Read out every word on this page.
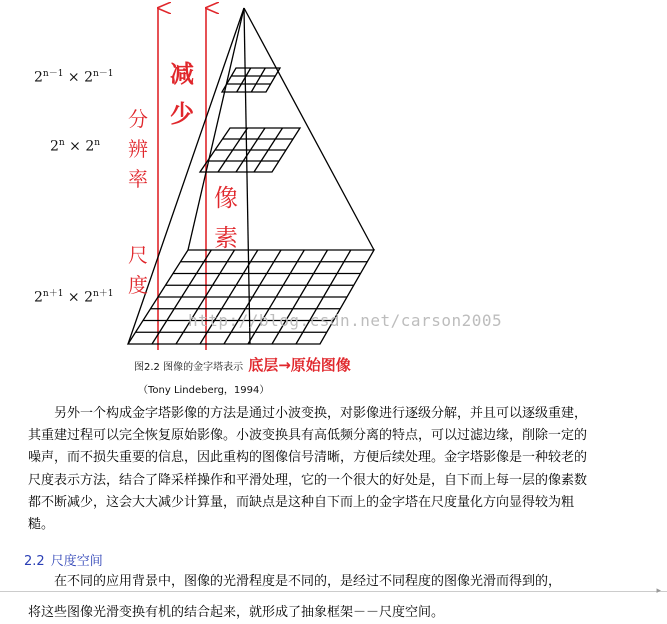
$2^{n-1} \times 2^{n-1}$
$2^n \times 2^n$
$2^{n+1} \times 2^{n+1}$
分辨率
尺度
减少
像素
http://blog.csdn.net/carson2005
图2.2 图像的金字塔表示 底层→原始图像
（Tony Lindeberg，1994）

另外一个构成金字塔影像的方法是通过小波变换，对影像进行逐级分解，并且可以逐级重建，其重建过程可以完全恢复原始影像。小波变换具有高低频分离的特点，可以过滤边缘，削除一定的噪声，而不损失重要的信息，因此重构的图像信号清晰，方便后续处理。金字塔影像是一种较老的尺度表示方法，结合了降采样操作和平滑处理，它的一个很大的好处是，自下而上每一层的像素数都不断减少，这会大大减少计算量，而缺点是这种自下而上的金字塔在尺度量化方向显得较为粗糙。

2.2 尺度空间

在不同的应用背景中，图像的光滑程度是不同的，是经过不同程度的图像光滑而得到的，

▸

将这些图像光滑变换有机的结合起来，就形成了抽象框架－－尺度空间。
